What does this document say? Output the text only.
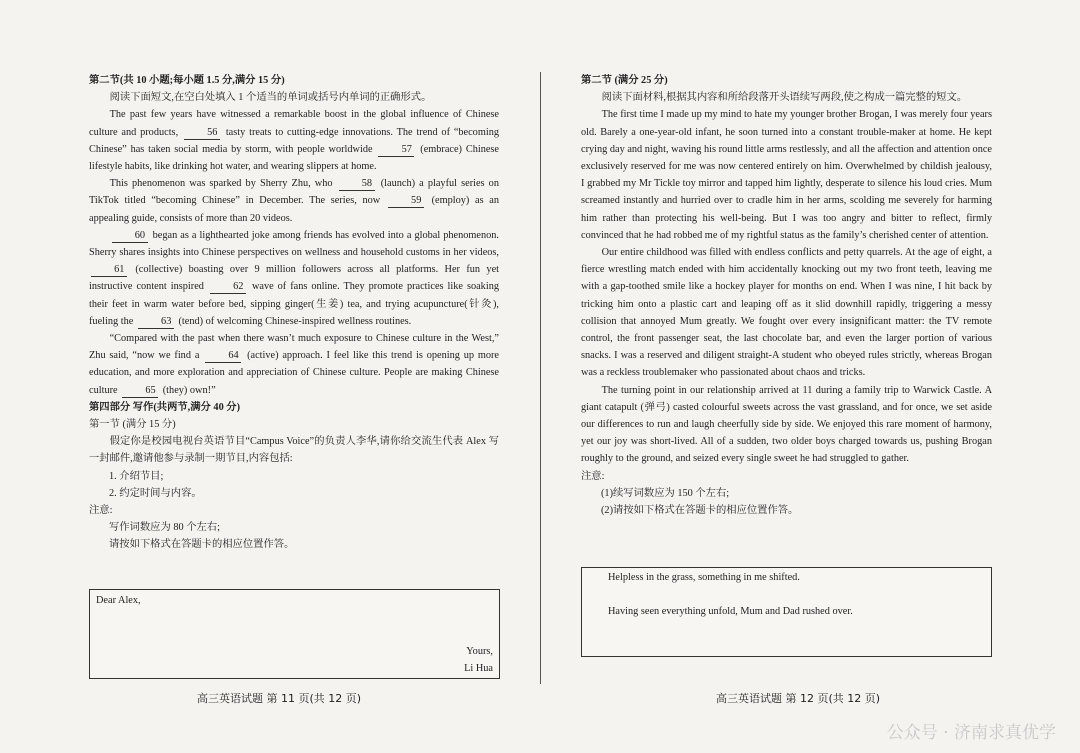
第二节(共 10 小题;每小题 1.5 分,满分 15 分)

阅读下面短文,在空白处填入 1 个适当的单词或括号内单词的正确形式。

The past few years have witnessed a remarkable boost in the global influence of Chinese culture and products,	56 tasty treats to cutting-edge innovations. The trend of “becoming Chinese” has taken social media by storm, with people worldwide	57 (embrace) Chinese lifestyle habits, like drinking hot water, and wearing slippers at home.

This phenomenon was sparked by Sherry Zhu, who	58 (launch) a playful series on TikTok titled “becoming Chinese” in December. The series, now	59 (employ) as an appealing guide, consists of more than 20 videos.

60 began as a lighthearted joke among friends has evolved into a global phenomenon. Sherry shares insights into Chinese perspectives on wellness and household customs in her videos, 61 (collective) boasting over 9 million followers across all platforms. Her fun yet instructive content inspired	62 wave of fans online. They promote practices like soaking their feet in warm water before bed, sipping ginger(生姜) tea, and trying acupuncture(针灸), fueling the	63 (tend) of welcoming Chinese-inspired wellness routines.

“Compared with the past when there wasn’t much exposure to Chinese culture in the West,” Zhu said, “now we find a	64 (active) approach. I feel like this trend is opening up more education, and more exploration and appreciation of Chinese culture. People are making Chinese culture	65 (they) own!”

第四部分 写作(共两节,满分 40 分)

第一节 (满分 15 分)

假定你是校园电视台英语节目“Campus Voice”的负责人李华,请你给交流生代表 Alex 写一封邮件,邀请他参与录制一期节目,内容包括:

1. 介绍节目;

2. 约定时间与内容。

注意:

写作词数应为 80 个左右;

请按如下格式在答题卡的相应位置作答。

Dear Alex,
Yours,
Li Hua

第二节 (满分 25 分)

阅读下面材料,根据其内容和所给段落开头语续写两段,使之构成一篇完整的短文。

The first time I made up my mind to hate my younger brother Brogan, I was merely four years old. Barely a one-year-old infant, he soon turned into a constant trouble-maker at home. He kept crying day and night, waving his round little arms restlessly, and all the affection and attention once exclusively reserved for me was now centered entirely on him. Overwhelmed by childish jealousy, I grabbed my Mr Tickle toy mirror and tapped him lightly, desperate to silence his loud cries. Mum screamed instantly and hurried over to cradle him in her arms, scolding me severely for harming him rather than protecting his well-being. But I was too angry and bitter to reflect, firmly convinced that he had robbed me of my rightful status as the family’s cherished center of attention.

Our entire childhood was filled with endless conflicts and petty quarrels. At the age of eight, a fierce wrestling match ended with him accidentally knocking out my two front teeth, leaving me with a gap-toothed smile like a hockey player for months on end. When I was nine, I hit back by tricking him onto a plastic cart and leaping off as it slid downhill rapidly, triggering a messy collision that annoyed Mum greatly. We fought over every insignificant matter: the TV remote control, the front passenger seat, the last chocolate bar, and even the larger portion of various snacks. I was a reserved and diligent straight-A student who obeyed rules strictly, whereas Brogan was a reckless troublemaker who passionated about chaos and tricks.

The turning point in our relationship arrived at 11 during a family trip to Warwick Castle. A giant catapult (弹弓) casted colourful sweets across the vast grassland, and for once, we set aside our differences to run and laugh cheerfully side by side. We enjoyed this rare moment of harmony, yet our joy was short-lived. All of a sudden, two older boys charged towards us, pushing Brogan roughly to the ground, and seized every single sweet he had struggled to gather.

注意:

(1)续写词数应为 150 个左右;

(2)请按如下格式在答题卡的相应位置作答。

Helpless in the grass, something in me shifted.
Having seen everything unfold, Mum and Dad rushed over.
高三英语试题 第 11 页(共 12 页)	高三英语试题 第 12 页(共 12 页)
公众号 · 济南求真优学
